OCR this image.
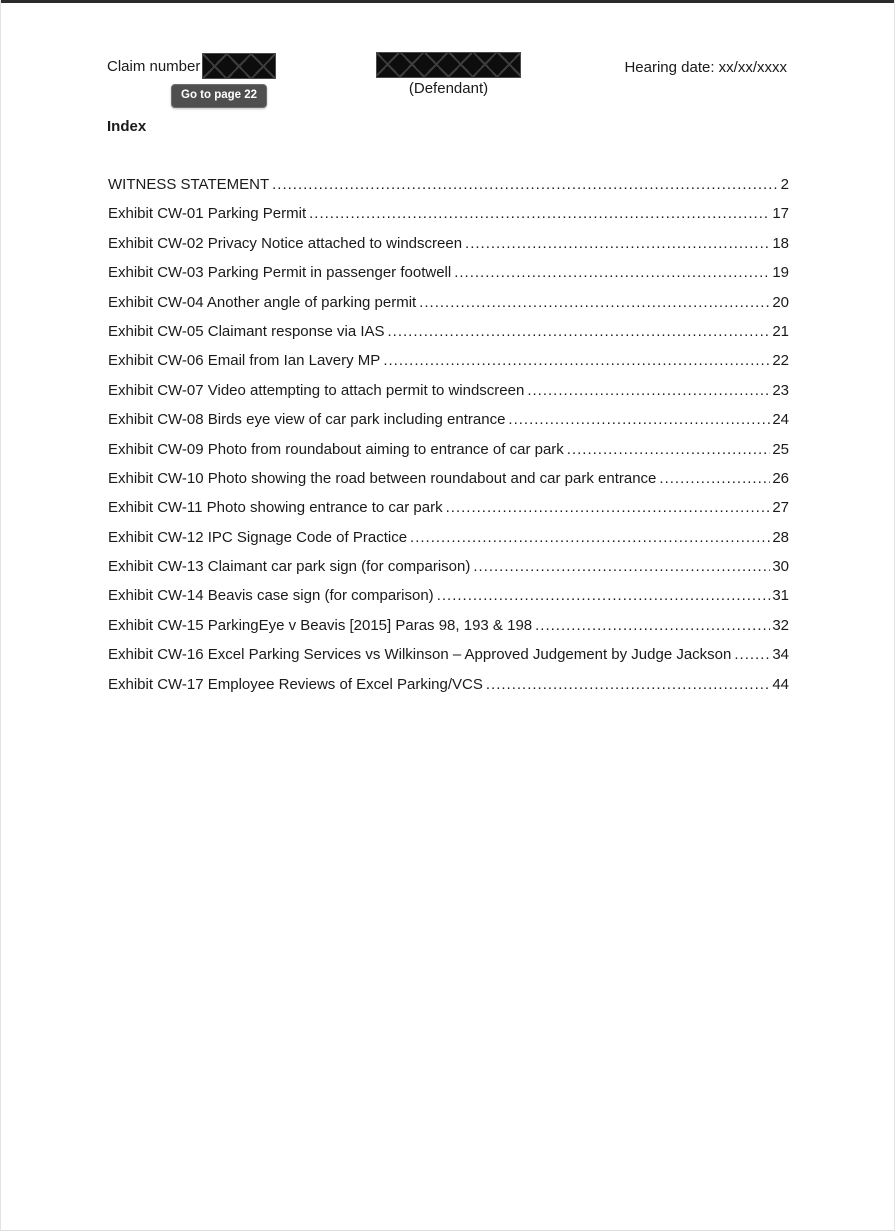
Claim number
Go to page 22	(Defendant)
Hearing date: xx/xx/xxxx
Index
WITNESS STATEMENT .....	2
Exhibit CW-01 Parking Permit .....	17
Exhibit CW-02 Privacy Notice attached to windscreen .....	18
Exhibit CW-03 Parking Permit in passenger footwell .....	19
Exhibit CW-04 Another angle of parking permit .....	20
Exhibit CW-05 Claimant response via IAS .....	21
Exhibit CW-06 Email from Ian Lavery MP .....	22
Exhibit CW-07 Video attempting to attach permit to windscreen .....	23
Exhibit CW-08 Birds eye view of car park including entrance .....	24
Exhibit CW-09 Photo from roundabout aiming to entrance of car park .....	25
Exhibit CW-10 Photo showing the road between roundabout and car park entrance .....	26
Exhibit CW-11 Photo showing entrance to car park .....	27
Exhibit CW-12 IPC Signage Code of Practice .....	28
Exhibit CW-13 Claimant car park sign (for comparison) .....	30
Exhibit CW-14 Beavis case sign (for comparison) .....	31
Exhibit CW-15 ParkingEye v Beavis [2015] Paras 98, 193 & 198 .....	32
Exhibit CW-16 Excel Parking Services vs Wilkinson – Approved Judgement by Judge Jackson .....	34
Exhibit CW-17 Employee Reviews of Excel Parking/VCS .....	44
